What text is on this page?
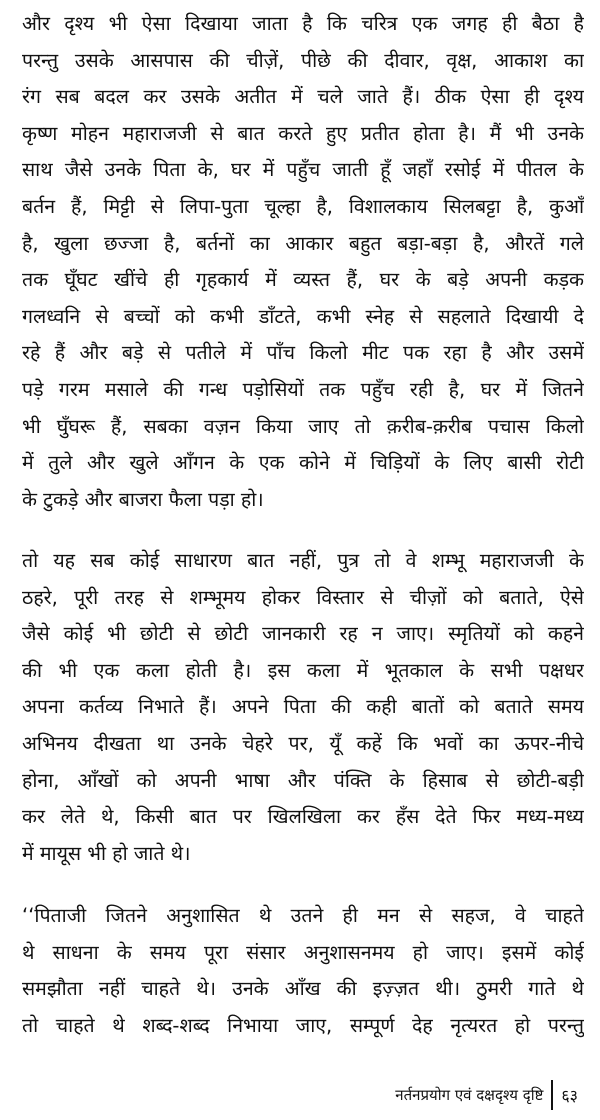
और दृश्य भी ऐसा दिखाया जाता है कि चरित्र एक जगह ही बैठा है
परन्तु उसके आसपास की चीज़ें, पीछे की दीवार, वृक्ष, आकाश का
रंग सब बदल कर उसके अतीत में चले जाते हैं। ठीक ऐसा ही दृश्य
कृष्ण मोहन महाराजजी से बात करते हुए प्रतीत होता है। मैं भी उनके
साथ जैसे उनके पिता के, घर में पहुँच जाती हूँ जहाँ रसोई में पीतल के
बर्तन हैं, मिट्टी से लिपा-पुता चूल्हा है, विशालकाय सिलबट्टा है, कुआँ
है, खुला छज्जा है, बर्तनों का आकार बहुत बड़ा-बड़ा है, औरतें गले
तक घूँघट खींचे ही गृहकार्य में व्यस्त हैं, घर के बड़े अपनी कड़क
गलध्वनि से बच्चों को कभी डाँटते, कभी स्नेह से सहलाते दिखायी दे
रहे हैं और बड़े से पतीले में पाँच किलो मीट पक रहा है और उसमें
पड़े गरम मसाले की गन्ध पड़ोसियों तक पहुँच रही है, घर में जितने
भी घुँघरू हैं, सबका वज़न किया जाए तो क़रीब-क़रीब पचास किलो
में तुले और खुले आँगन के एक कोने में चिड़ियों के लिए बासी रोटी
के टुकड़े और बाजरा फैला पड़ा हो।
तो यह सब कोई साधारण बात नहीं, पुत्र तो वे शम्भू महाराजजी के
ठहरे, पूरी तरह से शम्भूमय होकर विस्तार से चीज़ों को बताते, ऐसे
जैसे कोई भी छोटी से छोटी जानकारी रह न जाए। स्मृतियों को कहने
की भी एक कला होती है। इस कला में भूतकाल के सभी पक्षधर
अपना कर्तव्य निभाते हैं। अपने पिता की कही बातों को बताते समय
अभिनय दीखता था उनके चेहरे पर, यूँ कहें कि भवों का ऊपर-नीचे
होना, आँखों को अपनी भाषा और पंक्ति के हिसाब से छोटी-बड़ी
कर लेते थे, किसी बात पर खिलखिला कर हँस देते फिर मध्य-मध्य
में मायूस भी हो जाते थे।
‘‘पिताजी जितने अनुशासित थे उतने ही मन से सहज, वे चाहते
थे साधना के समय पूरा संसार अनुशासनमय हो जाए। इसमें कोई
समझौता नहीं चाहते थे। उनके आँख की इज़्ज़त थी। ठुमरी गाते थे
तो चाहते थे शब्द-शब्द निभाया जाए, सम्पूर्ण देह नृत्यरत हो परन्तु
नर्तनप्रयोग एवं दक्षदृश्य दृष्टि ६३
